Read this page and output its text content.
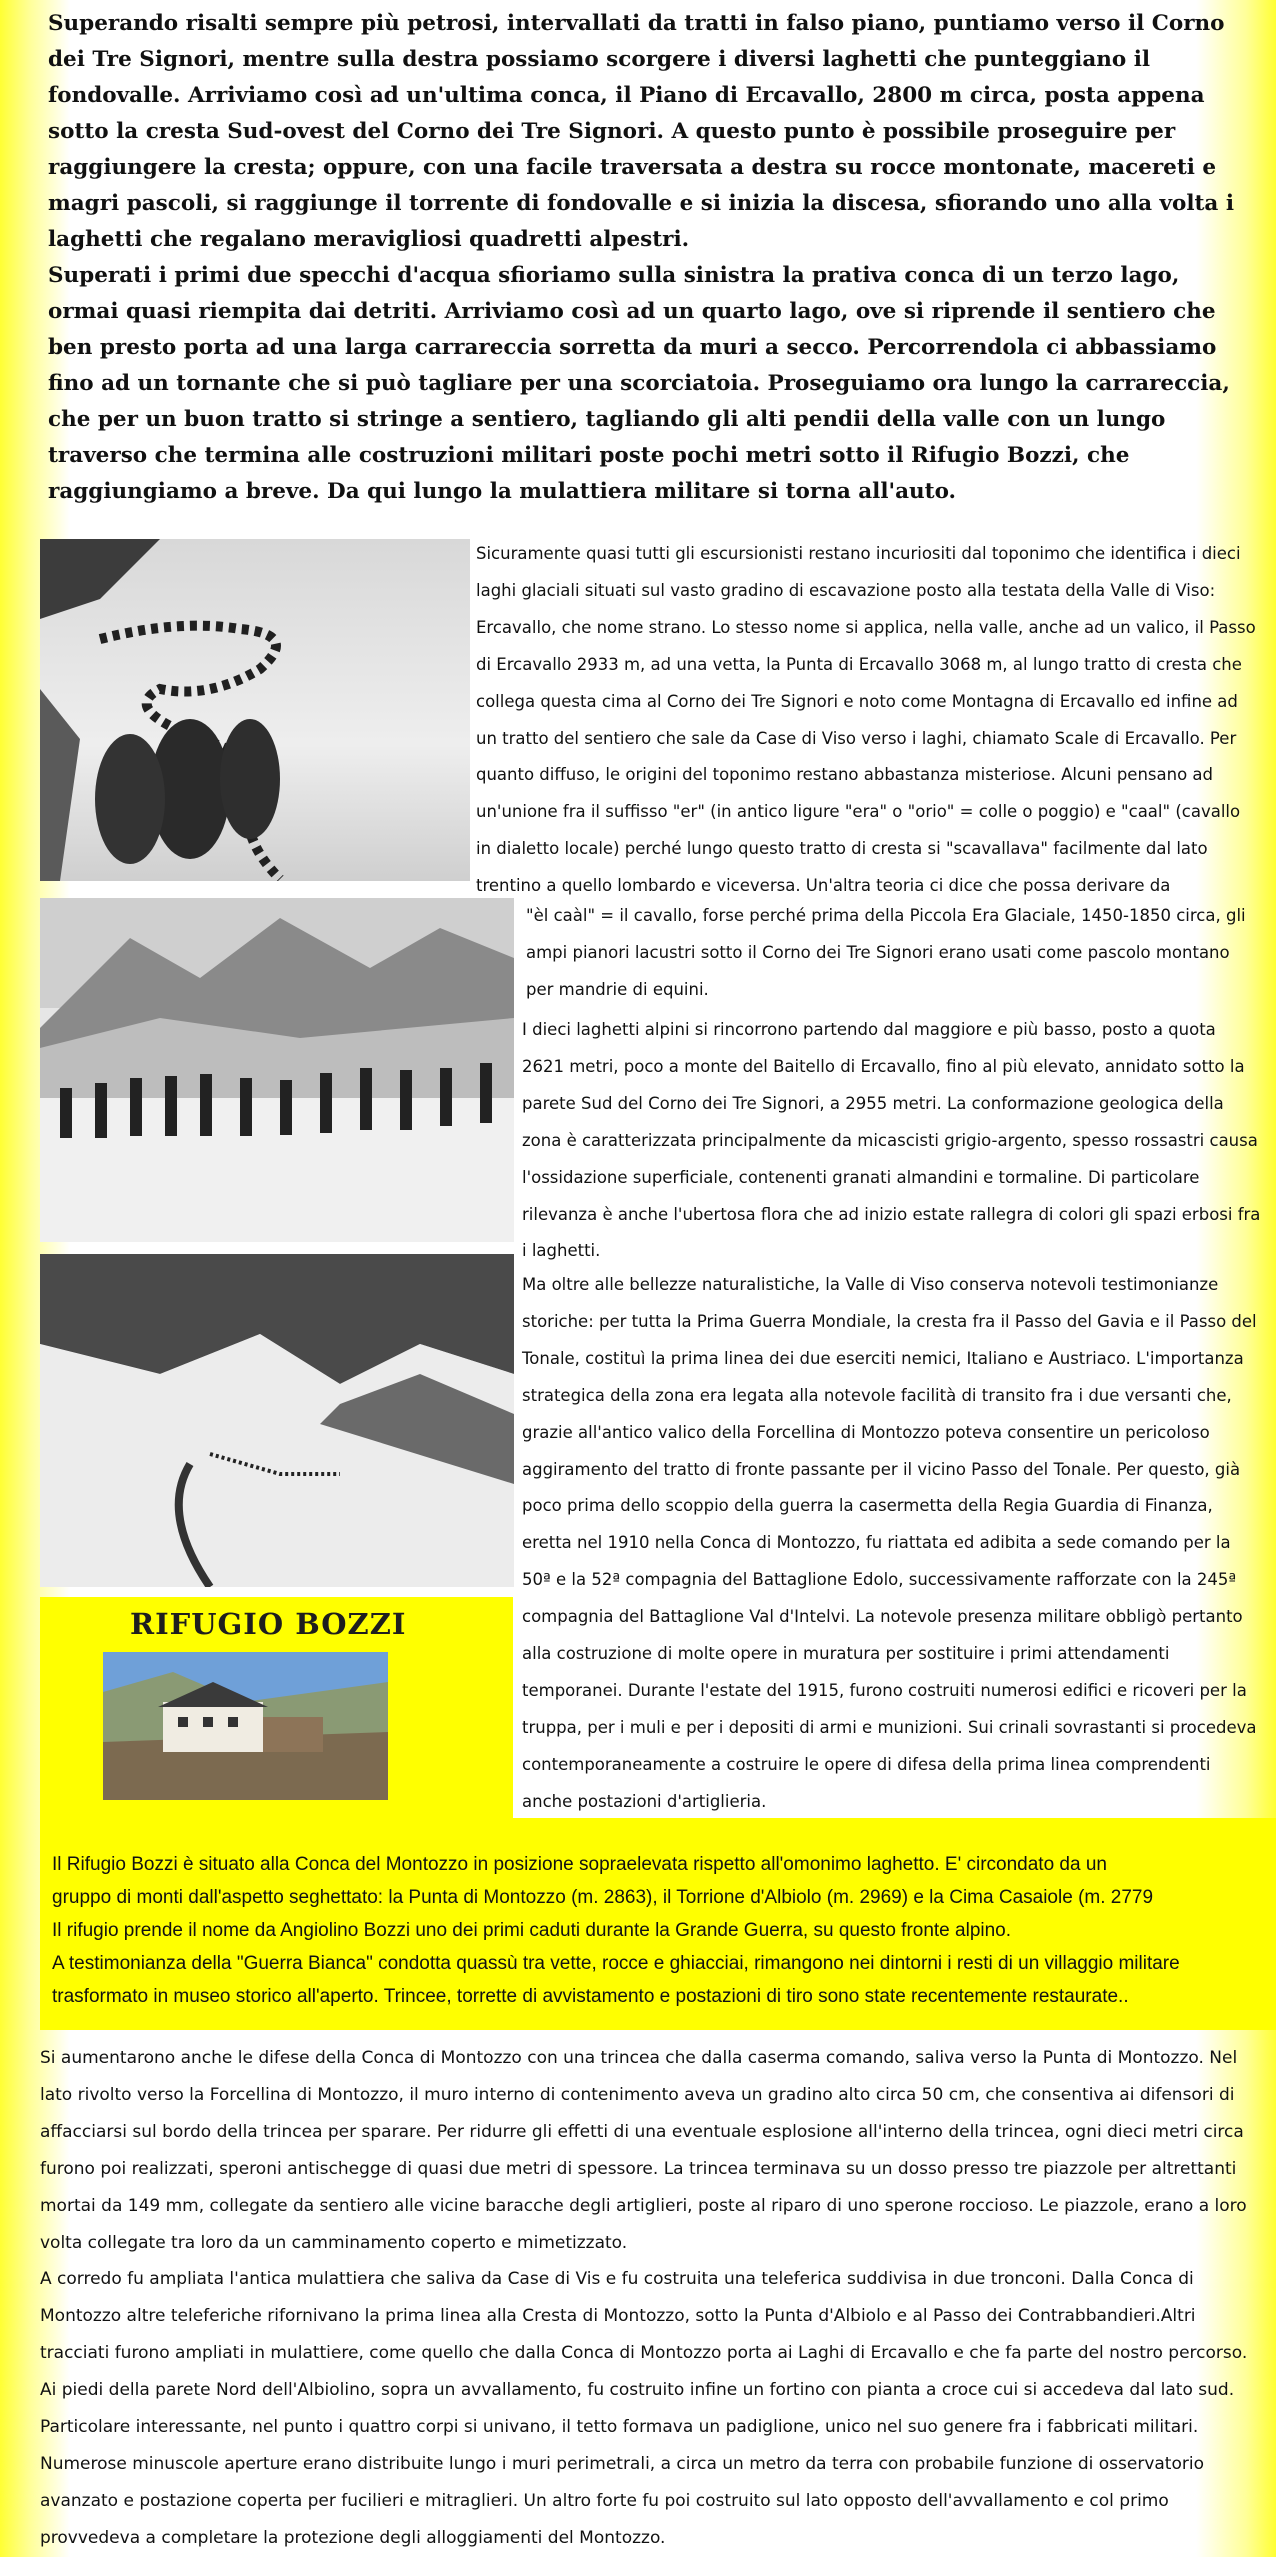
Superando risalti sempre più petrosi, intervallati da tratti in falso piano, puntiamo verso il Corno dei Tre Signori, mentre sulla destra possiamo scorgere i diversi laghetti che punteggiano il fondovalle. Arriviamo così ad un'ultima conca, il Piano di Ercavallo, 2800 m circa, posta appena sotto la cresta Sud-ovest del Corno dei Tre Signori. A questo punto è possibile proseguire per raggiungere la cresta; oppure, con una facile traversata a destra su rocce montonate, macereti e magri pascoli, si raggiunge il torrente di fondovalle e si inizia la discesa, sfiorando uno alla volta i laghetti che regalano meravigliosi quadretti alpestri.

Superati i primi due specchi d'acqua sfioriamo sulla sinistra la prativa conca di un terzo lago, ormai quasi riempita dai detriti. Arriviamo così ad un quarto lago, ove si riprende il sentiero che ben presto porta ad una larga carrareccia sorretta da muri a secco. Percorrendola ci abbassiamo fino ad un tornante che si può tagliare per una scorciatoia. Proseguiamo ora lungo la carrareccia, che per un buon tratto si stringe a sentiero, tagliando gli alti pendii della valle con un lungo traverso che termina alle costruzioni militari poste pochi metri sotto il Rifugio Bozzi, che raggiungiamo a breve. Da qui lungo la mulattiera militare si torna all'auto.

Sicuramente quasi tutti gli escursionisti restano incuriositi dal toponimo che identifica i dieci laghi glaciali situati sul vasto gradino di escavazione posto alla testata della Valle di Viso: Ercavallo, che nome strano. Lo stesso nome si applica, nella valle, anche ad un valico, il Passo di Ercavallo 2933 m, ad una vetta, la Punta di Ercavallo 3068 m, al lungo tratto di cresta che collega questa cima al Corno dei Tre Signori e noto come Montagna di Ercavallo ed infine ad un tratto del sentiero che sale da Case di Viso verso i laghi, chiamato Scale di Ercavallo. Per quanto diffuso, le origini del toponimo restano abbastanza misteriose. Alcuni pensano ad un'unione fra il suffisso "er" (in antico ligure "era" o "orio" = colle o poggio) e "caal" (cavallo in dialetto locale) perché lungo questo tratto di cresta si "scavallava" facilmente dal lato trentino a quello lombardo e viceversa. Un'altra teoria ci dice che possa derivare da

"èl caàl" = il cavallo, forse perché prima della Piccola Era Glaciale, 1450-1850 circa, gli ampi pianori lacustri sotto il Corno dei Tre Signori erano usati come pascolo montano per mandrie di equini.

I dieci laghetti alpini si rincorrono partendo dal maggiore e più basso, posto a quota 2621 metri, poco a monte del Baitello di Ercavallo, fino al più elevato, annidato sotto la parete Sud del Corno dei Tre Signori, a 2955 metri. La conformazione geologica della zona è caratterizzata principalmente da micascisti grigio-argento, spesso rossastri causa l'ossidazione superficiale, contenenti granati almandini e tormaline. Di particolare rilevanza è anche l'ubertosa flora che ad inizio estate rallegra di colori gli spazi erbosi fra i laghetti.

Ma oltre alle bellezze naturalistiche, la Valle di Viso conserva notevoli testimonianze storiche: per tutta la Prima Guerra Mondiale, la cresta fra il Passo del Gavia e il Passo del Tonale, costituì la prima linea dei due eserciti nemici, Italiano e Austriaco. L'importanza strategica della zona era legata alla notevole facilità di transito fra i due versanti che, grazie all'antico valico della Forcellina di Montozzo poteva consentire un pericoloso aggiramento del tratto di fronte passante per il vicino Passo del Tonale. Per questo, già poco prima dello scoppio della guerra la casermetta della Regia Guardia di Finanza, eretta nel 1910 nella Conca di Montozzo, fu riattata ed adibita a sede comando per la 50ª e la 52ª compagnia del Battaglione Edolo, successivamente rafforzate con la 245ª compagnia del Battaglione Val d'Intelvi. La notevole presenza militare obbligò pertanto alla costruzione di molte opere in muratura per sostituire i primi attendamenti temporanei. Durante l'estate del 1915, furono costruiti numerosi edifici e ricoveri per la truppa, per i muli e per i depositi di armi e munizioni. Sui crinali sovrastanti si procedeva contemporaneamente a costruire le opere di difesa della prima linea comprendenti anche postazioni d'artiglieria.

RIFUGIO BOZZI

Il Rifugio Bozzi è situato alla Conca del Montozzo in posizione sopraelevata rispetto all'omonimo laghetto. E' circondato da un

gruppo di monti dall'aspetto seghettato: la Punta di Montozzo (m. 2863), il Torrione d'Albiolo (m. 2969) e la Cima Casaiole (m. 2779

Il rifugio prende il nome da Angiolino Bozzi uno dei primi caduti durante la Grande Guerra, su questo fronte alpino.

A testimonianza della "Guerra Bianca" condotta quassù tra vette, rocce e ghiacciai, rimangono nei dintorni i resti di un villaggio militare

trasformato in museo storico all'aperto. Trincee, torrette di avvistamento e postazioni di tiro sono state recentemente restaurate..

Si aumentarono anche le difese della Conca di Montozzo con una trincea che dalla caserma comando, saliva verso la Punta di Montozzo. Nel lato rivolto verso la Forcellina di Montozzo, il muro interno di contenimento aveva un gradino alto circa 50 cm, che consentiva ai difensori di affacciarsi sul bordo della trincea per sparare. Per ridurre gli effetti di una eventuale esplosione all'interno della trincea, ogni dieci metri circa furono poi realizzati, speroni antischegge di quasi due metri di spessore. La trincea terminava su un dosso presso tre piazzole per altrettanti mortai da 149 mm, collegate da sentiero alle vicine baracche degli artiglieri, poste al riparo di uno sperone roccioso. Le piazzole, erano a loro volta collegate tra loro da un camminamento coperto e mimetizzato.

A corredo fu ampliata l'antica mulattiera che saliva da Case di Vis e fu costruita una teleferica suddivisa in due tronconi. Dalla Conca di Montozzo altre teleferiche rifornivano la prima linea alla Cresta di Montozzo, sotto la Punta d'Albiolo e al Passo dei Contrabbandieri.Altri tracciati furono ampliati in mulattiere, come quello che dalla Conca di Montozzo porta ai Laghi di Ercavallo e che fa parte del nostro percorso. Ai piedi della parete Nord dell'Albiolino, sopra un avvallamento, fu costruito infine un fortino con pianta a croce cui si accedeva dal lato sud. Particolare interessante, nel punto i quattro corpi si univano, il tetto formava un padiglione, unico nel suo genere fra i fabbricati militari. Numerose minuscole aperture erano distribuite lungo i muri perimetrali, a circa un metro da terra con probabile funzione di osservatorio avanzato e postazione coperta per fucilieri e mitraglieri. Un altro forte fu poi costruito sul lato opposto dell'avvallamento e col primo provvedeva a completare la protezione degli alloggiamenti del Montozzo.
